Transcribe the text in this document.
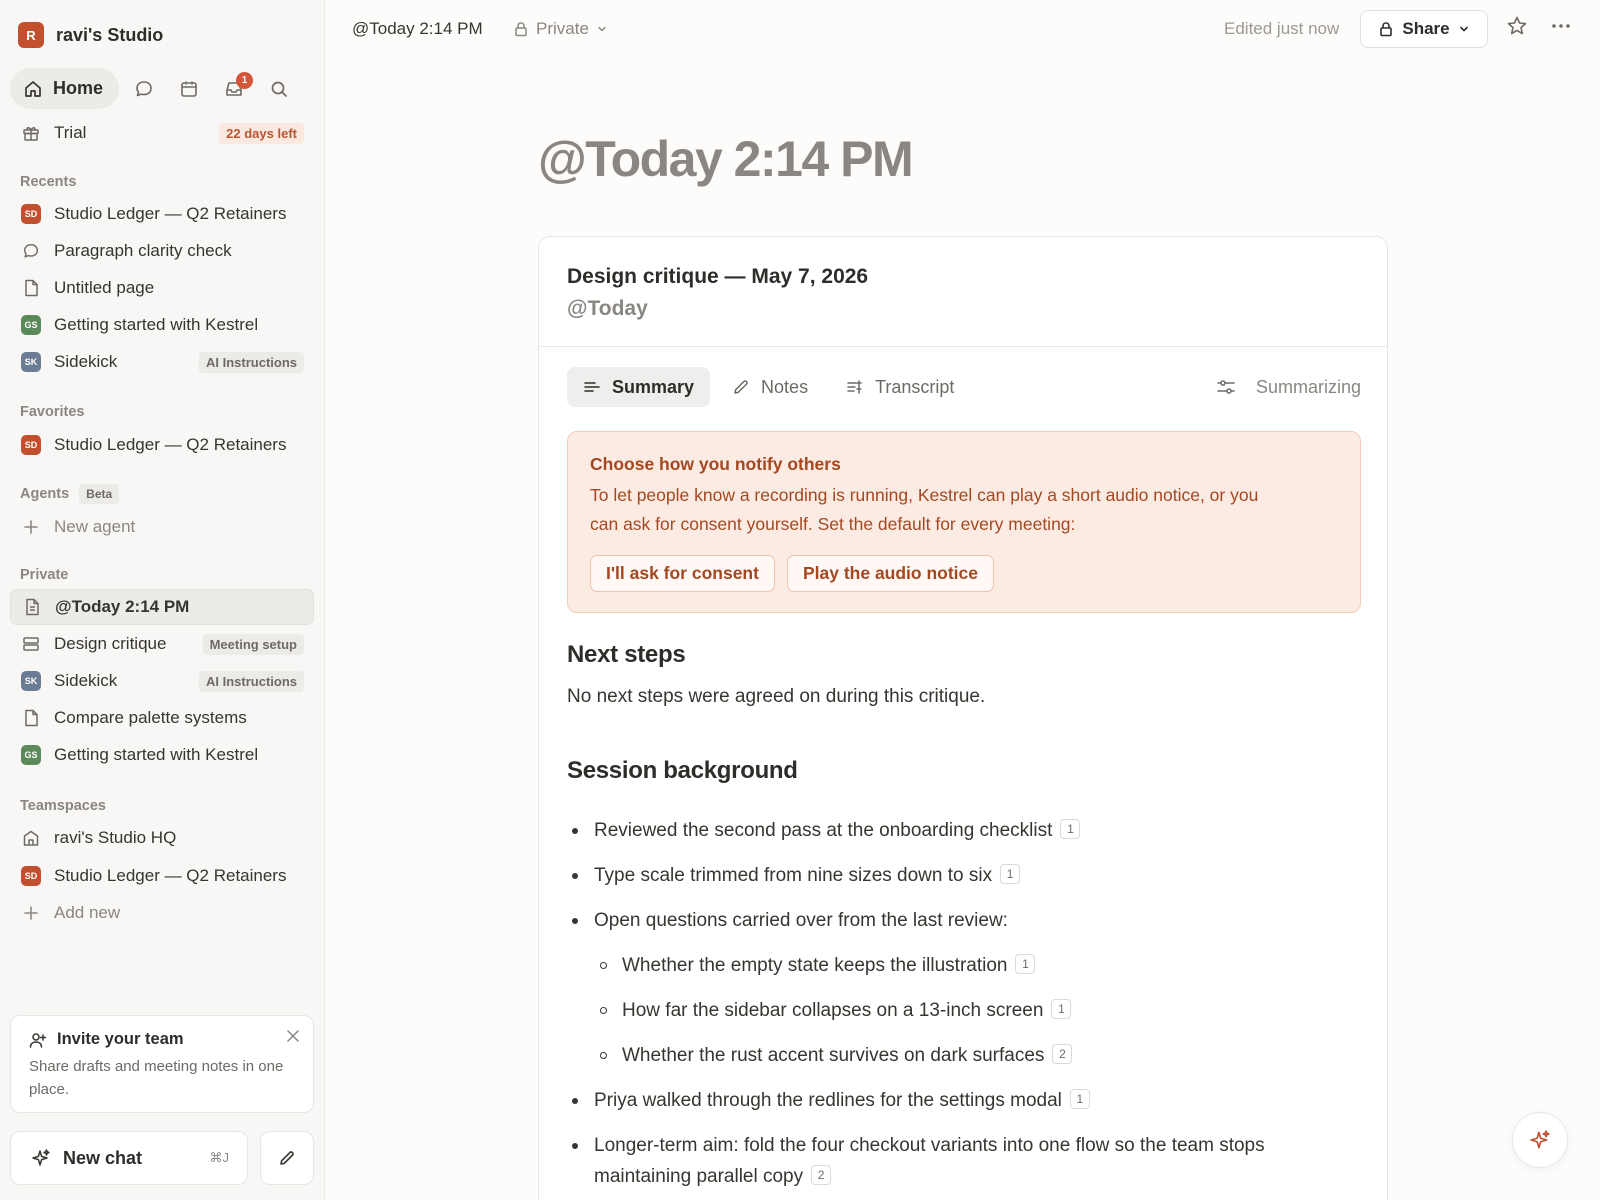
R	ravi's Studio
Home	1
Trial	22 days left
Recents
SD Studio Ledger — Q2 Retainers
Paragraph clarity check
Untitled page
GS Getting started with Kestrel
SK Sidekick	AI Instructions
Favorites
SD Studio Ledger — Q2 Retainers
Agents	Beta
New agent
Private
@Today 2:14 PM
Design critique	Meeting setup
SK Sidekick	AI Instructions
Compare palette systems
GS Getting started with Kestrel
Teamspaces
ravi's Studio HQ
SD Studio Ledger — Q2 Retainers
Add new
Invite your team
Share drafts and meeting notes in one place.
New chat	⌘J
@Today 2:14 PM	Private	Edited just now	Share
@Today 2:14 PM
Design critique — May 7, 2026
@Today
Summary	Notes	Transcript	Summarizing
Choose how you notify others
To let people know a recording is running, Kestrel can play a short audio notice, or you can ask for consent yourself. Set the default for every meeting:
I'll ask for consent	Play the audio notice
Next steps

No next steps were agreed on during this critique.

Session background
Reviewed the second pass at the onboarding checklist 1
Type scale trimmed from nine sizes down to six 1
Open questions carried over from the last review:
Whether the empty state keeps the illustration 1
How far the sidebar collapses on a 13-inch screen 1
Whether the rust accent survives on dark surfaces 2
Priya walked through the redlines for the settings modal 1
Longer-term aim: fold the four checkout variants into one flow so the team stops maintaining parallel copy 2
